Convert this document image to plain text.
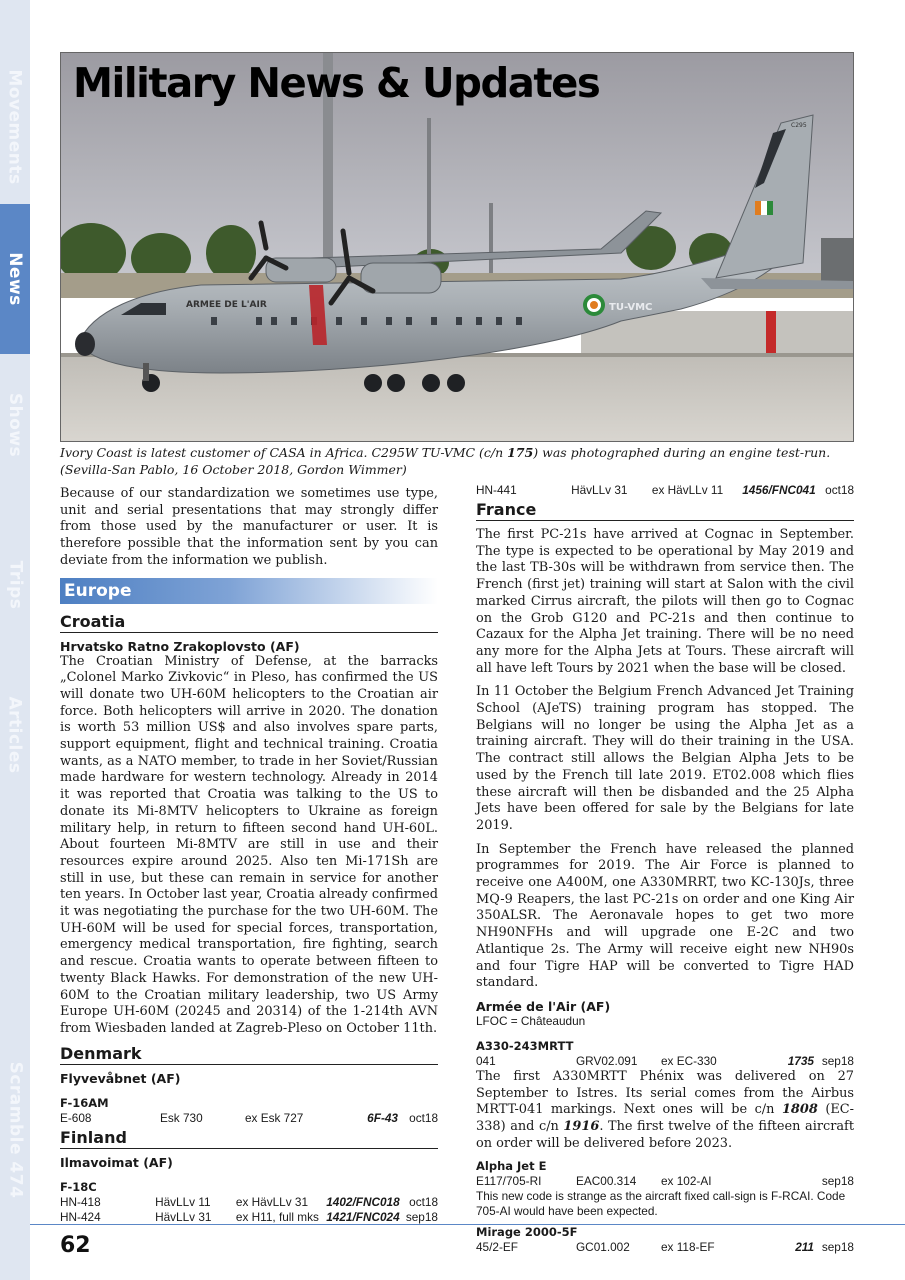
Movements
News
Shows
Trips
Articles
Scramble 474
ARMEE DE L'AIR	TU-VMC
C295
Military News & Updates
Ivory Coast is latest customer of CASA in Africa. C295W TU-VMC (c/n 175) was photographed during an engine test-run. (Sevilla-San Pablo, 16 October 2018, Gordon Wimmer)

Because of our standardization we sometimes use type, unit and serial presentations that may strongly differ from those used by the manufacturer or user. It is therefore possible that the information sent by you can deviate from the information we publish.

Europe
Croatia
Hrvatsko Ratno Zrakoplovsto (AF)

The Croatian Ministry of Defense, at the barracks „Colonel Marko Zivkovic“ in Pleso, has confirmed the US will donate two UH-60M helicopters to the Croatian air force. Both helicopters will arrive in 2020. The donation is worth 53 million US$ and also involves spare parts, support equipment, flight and technical training. Croatia wants, as a NATO member, to trade in her Soviet/Russian made hardware for western technology. Already in 2014 it was reported that Croatia was talking to the US to donate its Mi-8MTV helicopters to Ukraine as foreign military help, in return to fifteen second hand UH-60L. About fourteen Mi-8MTV are still in use and their resources expire around 2025. Also ten Mi-171Sh are still in use, but these can remain in service for another ten years. In October last year, Croatia already confirmed it was negotiating the purchase for the two UH-60M. The UH-60M will be used for special forces, transportation, emergency medical transportation, fire fighting, search and rescue. Croatia wants to operate between fifteen to twenty Black Hawks. For demonstration of the new UH-60M to the Croatian military leadership, two US Army Europe UH-60M (20245 and 20314) of the 1-214th AVN from Wiesbaden landed at Zagreb-Pleso on October 11th.

Denmark
Flyvevåbnet (AF)
F-16AM
E-608	Esk 730	ex Esk 727	6F-43 oct18
Finland
Ilmavoimat (AF)
F-18C
HN-418	HävLLv 11	ex HävLLv 31	1402/FNC018 oct18
HN-424	HävLLv 31	ex H11, full mks 1421/FNC024 sep18
HN-441	HävLLv 31	ex HävLLv 11	1456/FNC041 oct18
France

The first PC-21s have arrived at Cognac in September. The type is expected to be operational by May 2019 and the last TB-30s will be withdrawn from service then. The French (first jet) training will start at Salon with the civil marked Cirrus aircraft, the pilots will then go to Cognac on the Grob G120 and PC-21s and then continue to Cazaux for the Alpha Jet training. There will be no need any more for the Alpha Jets at Tours. These aircraft will all have left Tours by 2021 when the base will be closed.

In 11 October the Belgium French Advanced Jet Training School (AJeTS) training program has stopped. The Belgians will no longer be using the Alpha Jet as a training aircraft. They will do their training in the USA. The contract still allows the Belgian Alpha Jets to be used by the French till late 2019. ET02.008 which flies these aircraft will then be disbanded and the 25 Alpha Jets have been offered for sale by the Belgians for late 2019.

In September the French have released the planned programmes for 2019. The Air Force is planned to receive one A400M, one A330MRRT, two KC-130Js, three MQ-9 Reapers, the last PC-21s on order and one King Air 350ALSR. The Aeronavale hopes to get two more NH90NFHs and will upgrade one E-2C and two Atlantique 2s. The Army will receive eight new NH90s and four Tigre HAP will be converted to Tigre HAD standard.

Armée de l'Air (AF)
LFOC = Châteaudun
A330-243MRTT
041	GRV02.091	ex EC-330	1735 sep18

The first A330MRTT Phénix was delivered on 27 September to Istres. Its serial comes from the Airbus MRTT-041 markings. Next ones will be c/n 1808 (EC-338) and c/n 1916. The first twelve of the fifteen aircraft on order will be delivered before 2023.

Alpha Jet E
E117/705-RI	EAC00.314	ex 102-AI	sep18
This new code is strange as the aircraft fixed call-sign is F-RCAI. Code 705-AI would have been expected.
Mirage 2000-5F
45/2-EF	GC01.002	ex 118-EF	211 sep18
62
